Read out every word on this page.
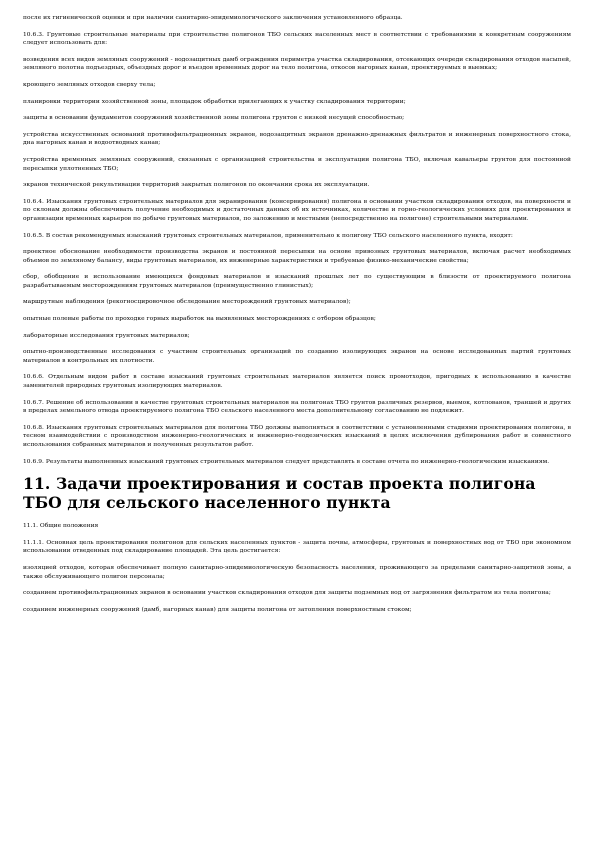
после их гигиенической оценки и при наличии санитарно-эпидемиологического заключения установленного образца.
10.6.3. Грунтовые строительные материалы при строительстве полигонов ТБО сельских населенных мест в соответствии с требованиями к конкретным сооружениям следует использовать для:
возведения всех видов земляных сооружений - водозащитных дамб ограждения периметра участка складирования, отсекающих очереди складирования отходов насыпей, земляного полотна подъездных, объездных дорог и въездов временных дорог на тело полигона, откосов нагорных канав, проектируемых в выемках;
кроющего земляных отходов сверху тела;
планировки территории хозяйственной зоны, площадок обработки прилегающих к участку складирования территории;
защиты в основании фундаментов сооружений хозяйственной зоны полигона грунтов с низкой несущей способностью;
устройства искусственных оснований противофильтрационных экранов, водозащитных экранов дренажно-дренажных фильтратов и инженерных поверхностного стока, дна нагорных канав и водоотводных канав;
устройства временных земляных сооружений, связанных с организацией строительства и эксплуатации полигона ТБО, включая кавальеры грунтов для постоянной пересыпки уплотненных ТБО;
экранов технической рекультивации территорий закрытых полигонов по окончании срока их эксплуатации.
10.6.4. Изыскания грунтовых строительных материалов для экранирования (консервирования) полигона в основании участков складирования отходов, на поверхности и по склонам должны обеспечивать получение необходимых и достаточных данных об их источниках, количестве и горно-геологических условиях для проектирования и организации временных карьеров по добыче грунтовых материалов, по заложению и местными (непосредственно на полигоне) строительными материалами.
10.6.5. В состав рекомендуемых изысканий грунтовых строительных материалов, применительно к полигону ТБО сельского населенного пункта, входят:
проектное обоснование необходимости производства экранов и постоянной пересыпки на основе привозных грунтовых материалов, включая расчет необходимых объемов по земляному балансу, виды грунтовых материалов, их инженерные характеристики и требуемые физико-механические свойства;
сбор, обобщение и использование имеющихся фондовых материалов и изысканий прошлых лет по существующим в близости от проектируемого полигона разрабатываемым месторождениям грунтовых материалов (преимущественно глинистых);
маршрутные наблюдения (рекогносцировочное обследование месторождений грунтовых материалов);
опытные полевые работы по проходке горных выработок на выявленных месторождениях с отбором образцов;
лабораторные исследования грунтовых материалов;
опытно-производственные исследования с участием строительных организаций по созданию изолирующих экранов на основе исследованных партий грунтовых материалов в контрольных их плотности.
10.6.6. Отдельным видом работ в составе изысканий грунтовых строительных материалов является поиск промотходов, пригодных к использованию в качестве заменителей природных грунтовых изолирующих материалов.
10.6.7. Решение об использовании в качестве грунтовых строительных материалов на полигонах ТБО грунтов различных резервов, выемок, котлованов, траншей и других в пределах земельного отвода проектируемого полигона ТБО сельского населенного места дополнительному согласованию не подлежит.
10.6.8. Изыскания грунтовых строительных материалов для полигона ТБО должны выполняться в соответствии с установленными стадиями проектирования полигона, в тесном взаимодействии с производством инженерно-геологических и инженерно-геодезических изысканий в целях исключения дублирования работ и совместного использования собранных материалов и полученных результатов работ.
10.6.9. Результаты выполненных изысканий грунтовых строительных материалов следует представлять в составе отчета по инженерно-геологическим изысканиям.
11. Задачи проектирования и состав проекта полигона ТБО для сельского населенного пункта
11.1. Общие положения
11.1.1. Основная цель проектирования полигонов для сельских населенных пунктов - защита почвы, атмосферы, грунтовых и поверхностных вод от ТБО при экономном использовании отведенных под складирование площадей. Эта цель достигается:
изоляцией отходов, которая обеспечивает полную санитарно-эпидемиологическую безопасность населения, проживающего за пределами санитарно-защитной зоны, а также обслуживающего полигон персонала;
созданием противофильтрационных экранов в основании участков складирования отходов для защиты подземных вод от загрязнения фильтратом из тела полигона;
созданием инженерных сооружений (дамб, нагорных канав) для защиты полигона от затопления поверхностным стоком;
